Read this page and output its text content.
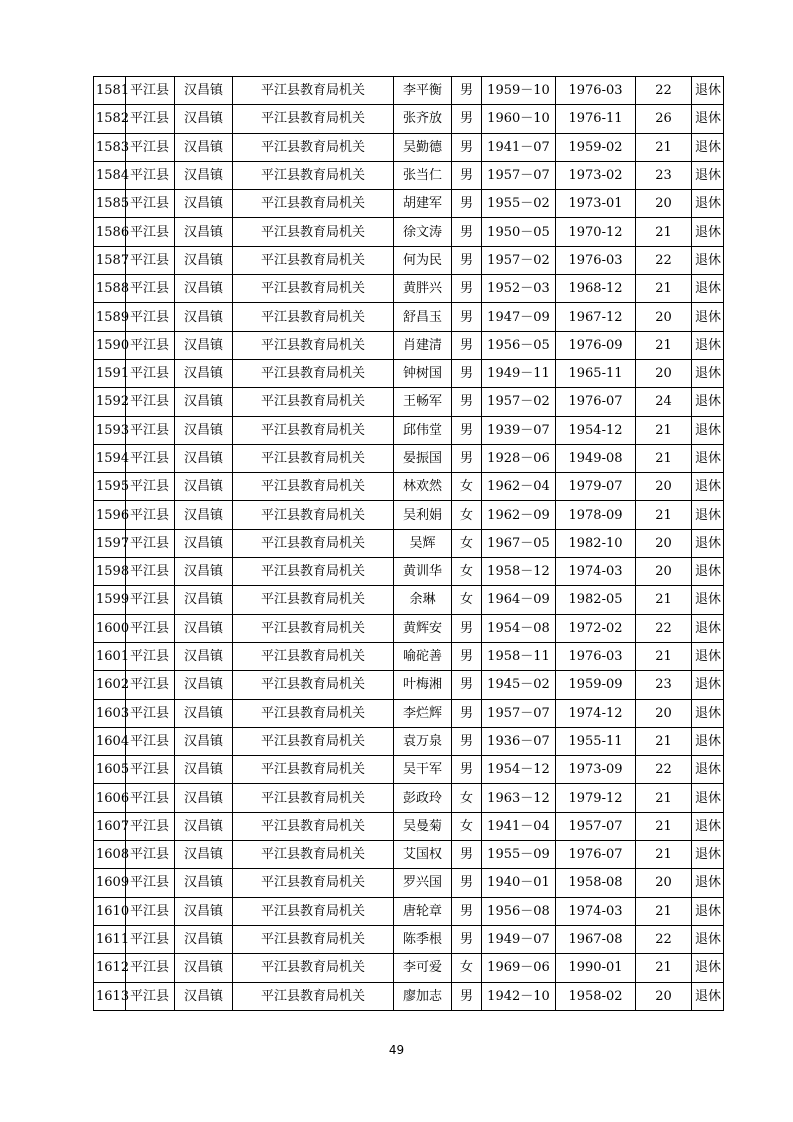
1581	平江县	汉昌镇	平江县教育局机关	李平衡	男	1959－10	1976-03	22	退休
1582	平江县	汉昌镇	平江县教育局机关	张齐放	男	1960－10	1976-11	26	退休
1583	平江县	汉昌镇	平江县教育局机关	吴勤德	男	1941－07	1959-02	21	退休
1584	平江县	汉昌镇	平江县教育局机关	张当仁	男	1957－07	1973-02	23	退休
1585	平江县	汉昌镇	平江县教育局机关	胡建军	男	1955－02	1973-01	20	退休
1586	平江县	汉昌镇	平江县教育局机关	徐文涛	男	1950－05	1970-12	21	退休
1587	平江县	汉昌镇	平江县教育局机关	何为民	男	1957－02	1976-03	22	退休
1588	平江县	汉昌镇	平江县教育局机关	黄胖兴	男	1952－03	1968-12	21	退休
1589	平江县	汉昌镇	平江县教育局机关	舒昌玉	男	1947－09	1967-12	20	退休
1590	平江县	汉昌镇	平江县教育局机关	肖建清	男	1956－05	1976-09	21	退休
1591	平江县	汉昌镇	平江县教育局机关	钟树国	男	1949－11	1965-11	20	退休
1592	平江县	汉昌镇	平江县教育局机关	王畅军	男	1957－02	1976-07	24	退休
1593	平江县	汉昌镇	平江县教育局机关	邱伟堂	男	1939－07	1954-12	21	退休
1594	平江县	汉昌镇	平江县教育局机关	晏振国	男	1928－06	1949-08	21	退休
1595	平江县	汉昌镇	平江县教育局机关	林欢然	女	1962－04	1979-07	20	退休
1596	平江县	汉昌镇	平江县教育局机关	吴利娟	女	1962－09	1978-09	21	退休
1597	平江县	汉昌镇	平江县教育局机关	吴辉	女	1967－05	1982-10	20	退休
1598	平江县	汉昌镇	平江县教育局机关	黄训华	女	1958－12	1974-03	20	退休
1599	平江县	汉昌镇	平江县教育局机关	余琳	女	1964－09	1982-05	21	退休
1600	平江县	汉昌镇	平江县教育局机关	黄辉安	男	1954－08	1972-02	22	退休
1601	平江县	汉昌镇	平江县教育局机关	喻砣善	男	1958－11	1976-03	21	退休
1602	平江县	汉昌镇	平江县教育局机关	叶梅湘	男	1945－02	1959-09	23	退休
1603	平江县	汉昌镇	平江县教育局机关	李烂辉	男	1957－07	1974-12	20	退休
1604	平江县	汉昌镇	平江县教育局机关	袁万泉	男	1936－07	1955-11	21	退休
1605	平江县	汉昌镇	平江县教育局机关	吴干军	男	1954－12	1973-09	22	退休
1606	平江县	汉昌镇	平江县教育局机关	彭政玲	女	1963－12	1979-12	21	退休
1607	平江县	汉昌镇	平江县教育局机关	吴曼菊	女	1941－04	1957-07	21	退休
1608	平江县	汉昌镇	平江县教育局机关	艾国权	男	1955－09	1976-07	21	退休
1609	平江县	汉昌镇	平江县教育局机关	罗兴国	男	1940－01	1958-08	20	退休
1610	平江县	汉昌镇	平江县教育局机关	唐轮章	男	1956－08	1974-03	21	退休
1611	平江县	汉昌镇	平江县教育局机关	陈季根	男	1949－07	1967-08	22	退休
1612	平江县	汉昌镇	平江县教育局机关	李可爱	女	1969－06	1990-01	21	退休
1613	平江县	汉昌镇	平江县教育局机关	廖加志	男	1942－10	1958-02	20	退休
49
